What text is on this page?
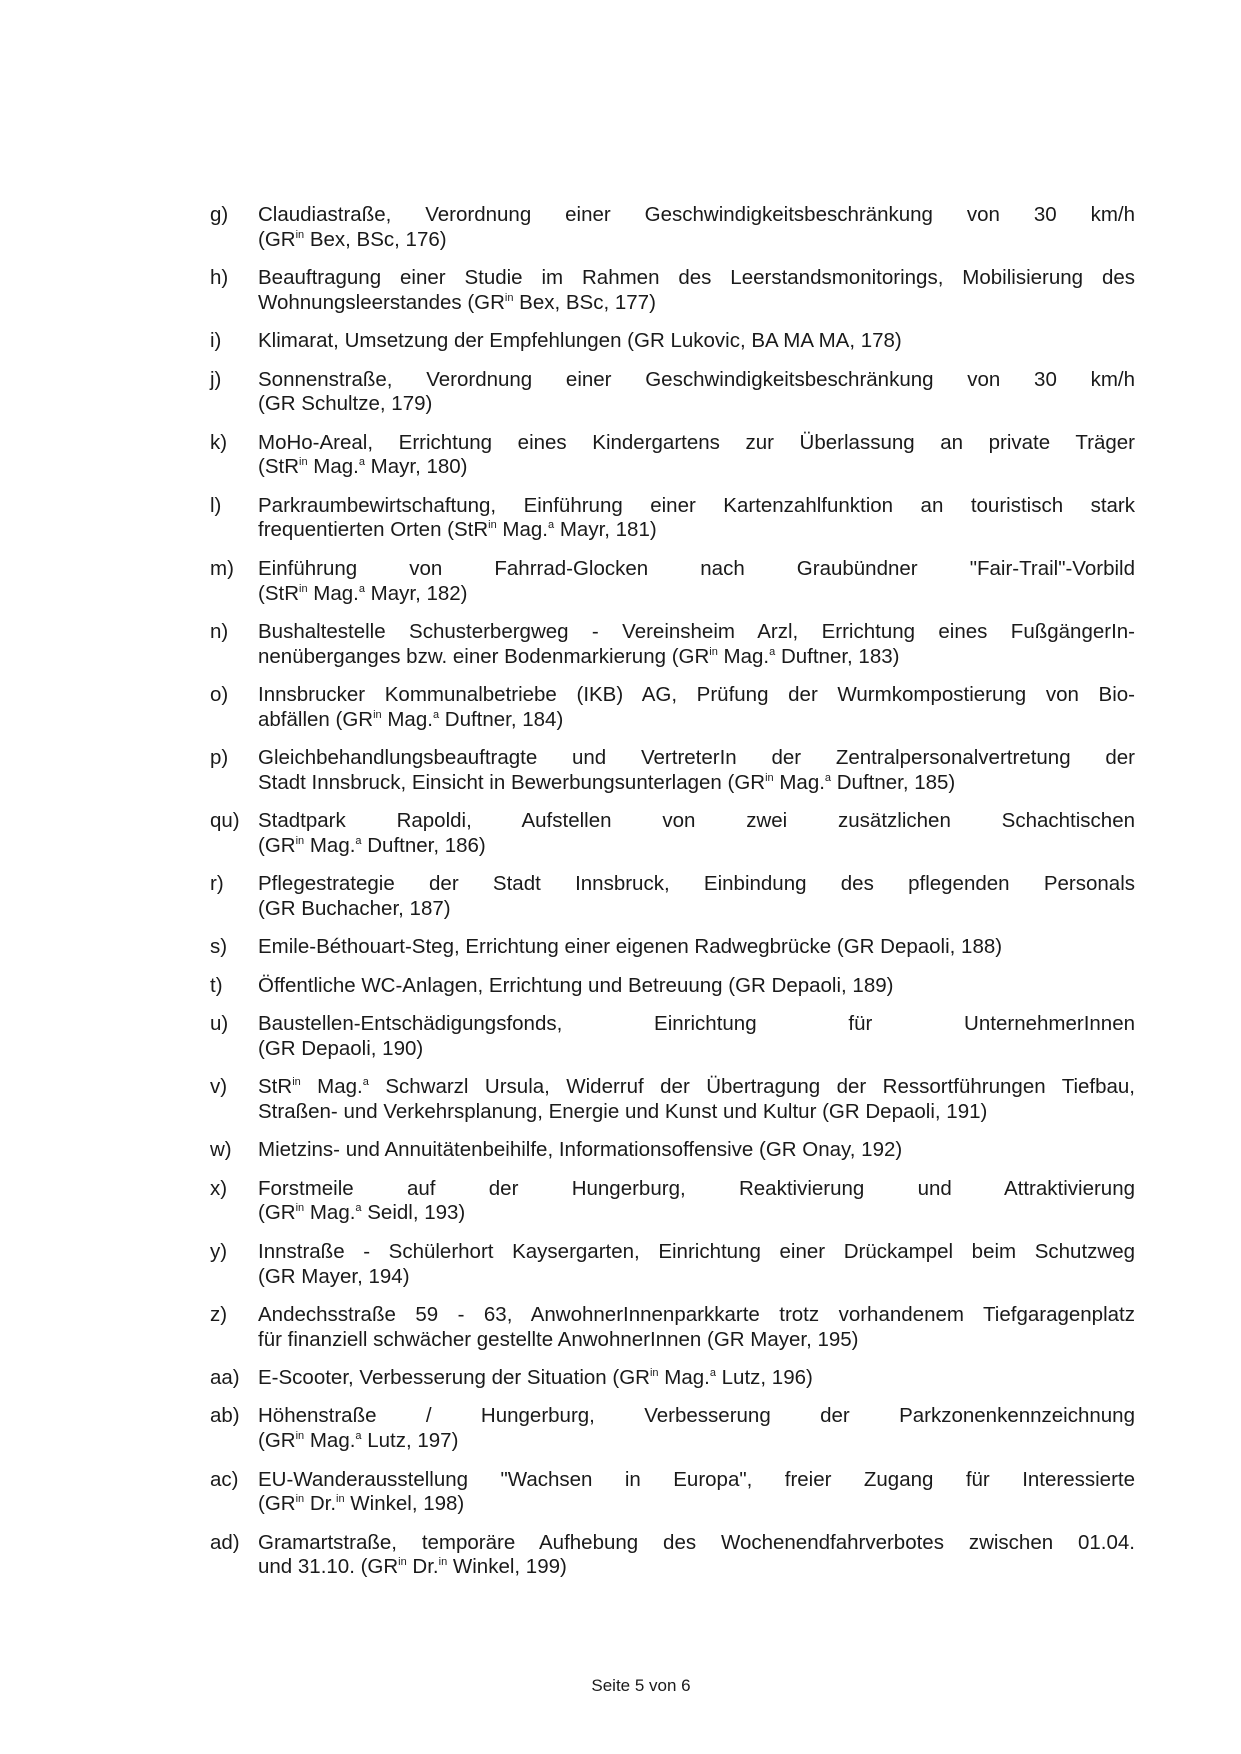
g)	Claudiastraße, Verordnung einer Geschwindigkeitsbeschränkung von 30 km/h
($GR^{in}$ Bex, BSc, 176)
h)	Beauftragung einer Studie im Rahmen des Leerstandsmonitorings, Mobilisierung des
Wohnungsleerstandes ($GR^{in}$ Bex, BSc, 177)
i)	Klimarat, Umsetzung der Empfehlungen (GR Lukovic, BA MA MA, 178)
j)	Sonnenstraße, Verordnung einer Geschwindigkeitsbeschränkung von 30 km/h
(GR Schultze, 179)
k)	MoHo-Areal, Errichtung eines Kindergartens zur Überlassung an private Träger
(StR$^{in}$ Mag.$^a$ Mayr, 180)
l)	Parkraumbewirtschaftung, Einführung einer Kartenzahlfunktion an touristisch stark
frequentierten Orten (StR$^{in}$ Mag.$^a$ Mayr, 181)
m)	Einführung von Fahrrad-Glocken nach Graubündner "Fair-Trail"-Vorbild
(StR$^{in}$ Mag.$^a$ Mayr, 182)
n)	Bushaltestelle Schusterbergweg - Vereinsheim Arzl, Errichtung eines FußgängerIn-
nenüberganges bzw. einer Bodenmarkierung ($GR^{in}$ Mag.$^a$ Duftner, 183)
o)	Innsbrucker Kommunalbetriebe (IKB) AG, Prüfung der Wurmkompostierung von Bio-
abfällen ($GR^{in}$ Mag.$^a$ Duftner, 184)
p)	Gleichbehandlungsbeauftragte und VertreterIn der Zentralpersonalvertretung der
Stadt Innsbruck, Einsicht in Bewerbungsunterlagen ($GR^{in}$ Mag.$^a$ Duftner, 185)
qu) Stadtpark Rapoldi, Aufstellen von zwei zusätzlichen Schachtischen
($GR^{in}$ Mag.$^a$ Duftner, 186)
r)	Pflegestrategie der Stadt Innsbruck, Einbindung des pflegenden Personals
(GR Buchacher, 187)
s)	Emile-Béthouart-Steg, Errichtung einer eigenen Radwegbrücke (GR Depaoli, 188)
t)	Öffentliche WC-Anlagen, Errichtung und Betreuung (GR Depaoli, 189)
u)	Baustellen-Entschädigungsfonds, Einrichtung für UnternehmerInnen
(GR Depaoli, 190)
v)	StR$^{in}$ Mag.$^a$ Schwarzl Ursula, Widerruf der Übertragung der Ressortführungen Tiefbau,
Straßen- und Verkehrsplanung, Energie und Kunst und Kultur (GR Depaoli, 191)
w)	Mietzins- und Annuitätenbeihilfe, Informationsoffensive (GR Onay, 192)
x)	Forstmeile auf der Hungerburg, Reaktivierung und Attraktivierung
($GR^{in}$ Mag.$^a$ Seidl, 193)
y)	Innstraße - Schülerhort Kaysergarten, Einrichtung einer Drückampel beim Schutzweg
(GR Mayer, 194)
z)	Andechsstraße 59 - 63, AnwohnerInnenparkkarte trotz vorhandenem Tiefgaragenplatz
für finanziell schwächer gestellte AnwohnerInnen (GR Mayer, 195)
aa) E-Scooter, Verbesserung der Situation ($GR^{in}$ Mag.$^a$ Lutz, 196)
ab) Höhenstraße / Hungerburg, Verbesserung der Parkzonenkennzeichnung
($GR^{in}$ Mag.$^a$ Lutz, 197)
ac) EU-Wanderausstellung "Wachsen in Europa", freier Zugang für Interessierte
($GR^{in}$ Dr.$^{in}$ Winkel, 198)
ad) Gramartstraße, temporäre Aufhebung des Wochenendfahrverbotes zwischen 01.04.
und 31.10. ($GR^{in}$ Dr.$^{in}$ Winkel, 199)
Seite 5 von 6
